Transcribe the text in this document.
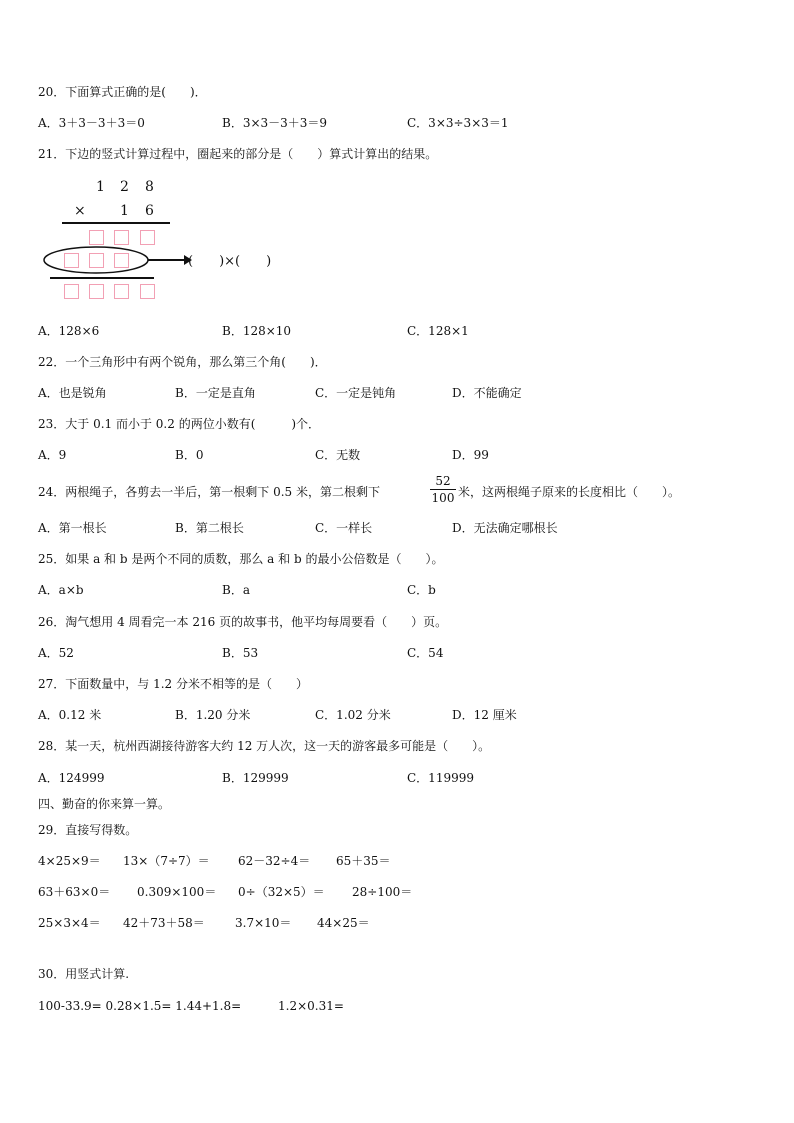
20．下面算式正确的是(　　)．
A．3＋3－3＋3＝0	B．3×3－3＋3＝9	C．3×3÷3×3＝1
21．下边的竖式计算过程中，圈起来的部分是（　　）算式计算出的结果。
1 2 8
× 1 6
(　　)×(　　)
A．128×6	B．128×10	C．128×1
22．一个三角形中有两个锐角，那么第三个角(　　)．
A．也是锐角	B．一定是直角	C．一定是钝角	D．不能确定
23．大于 0.1 而小于 0.2 的两位小数有(　　　)个．
A．9	B．0	C．无数	D．99
24．两根绳子，各剪去一半后，第一根剩下 0.5 米，第二根剩下
52
100 米，这两根绳子原来的长度相比（　　）。
A．第一根长	B．第二根长	C．一样长	D．无法确定哪根长
25．如果 a 和 b 是两个不同的质数，那么 a 和 b 的最小公倍数是（　　）。
A．a×b	B．a	C．b
26．淘气想用 4 周看完一本 216 页的故事书，他平均每周要看（　　）页。
A．52	B．53	C．54
27．下面数量中，与 1.2 分米不相等的是（　　）
A．0.12 米	B．1.20 分米	C．1.02 分米	D．12 厘米
28．某一天，杭州西湖接待游客大约 12 万人次，这一天的游客最多可能是（　　）。
A．124999	B．129999	C．119999
四、勤奋的你来算一算。
29．直接写得数。
4×25×9＝ 13×（7÷7）＝ 62－32÷4＝ 65＋35＝
63＋63×0＝ 0.309×100＝ 0÷（32×5）＝ 28÷100＝
25×3×4＝ 42＋73＋58＝	3.7×10＝ 44×25＝
30．用竖式计算.
100-33.9= 0.28×1.5= 1.44+1.8=	1.2×0.31=
